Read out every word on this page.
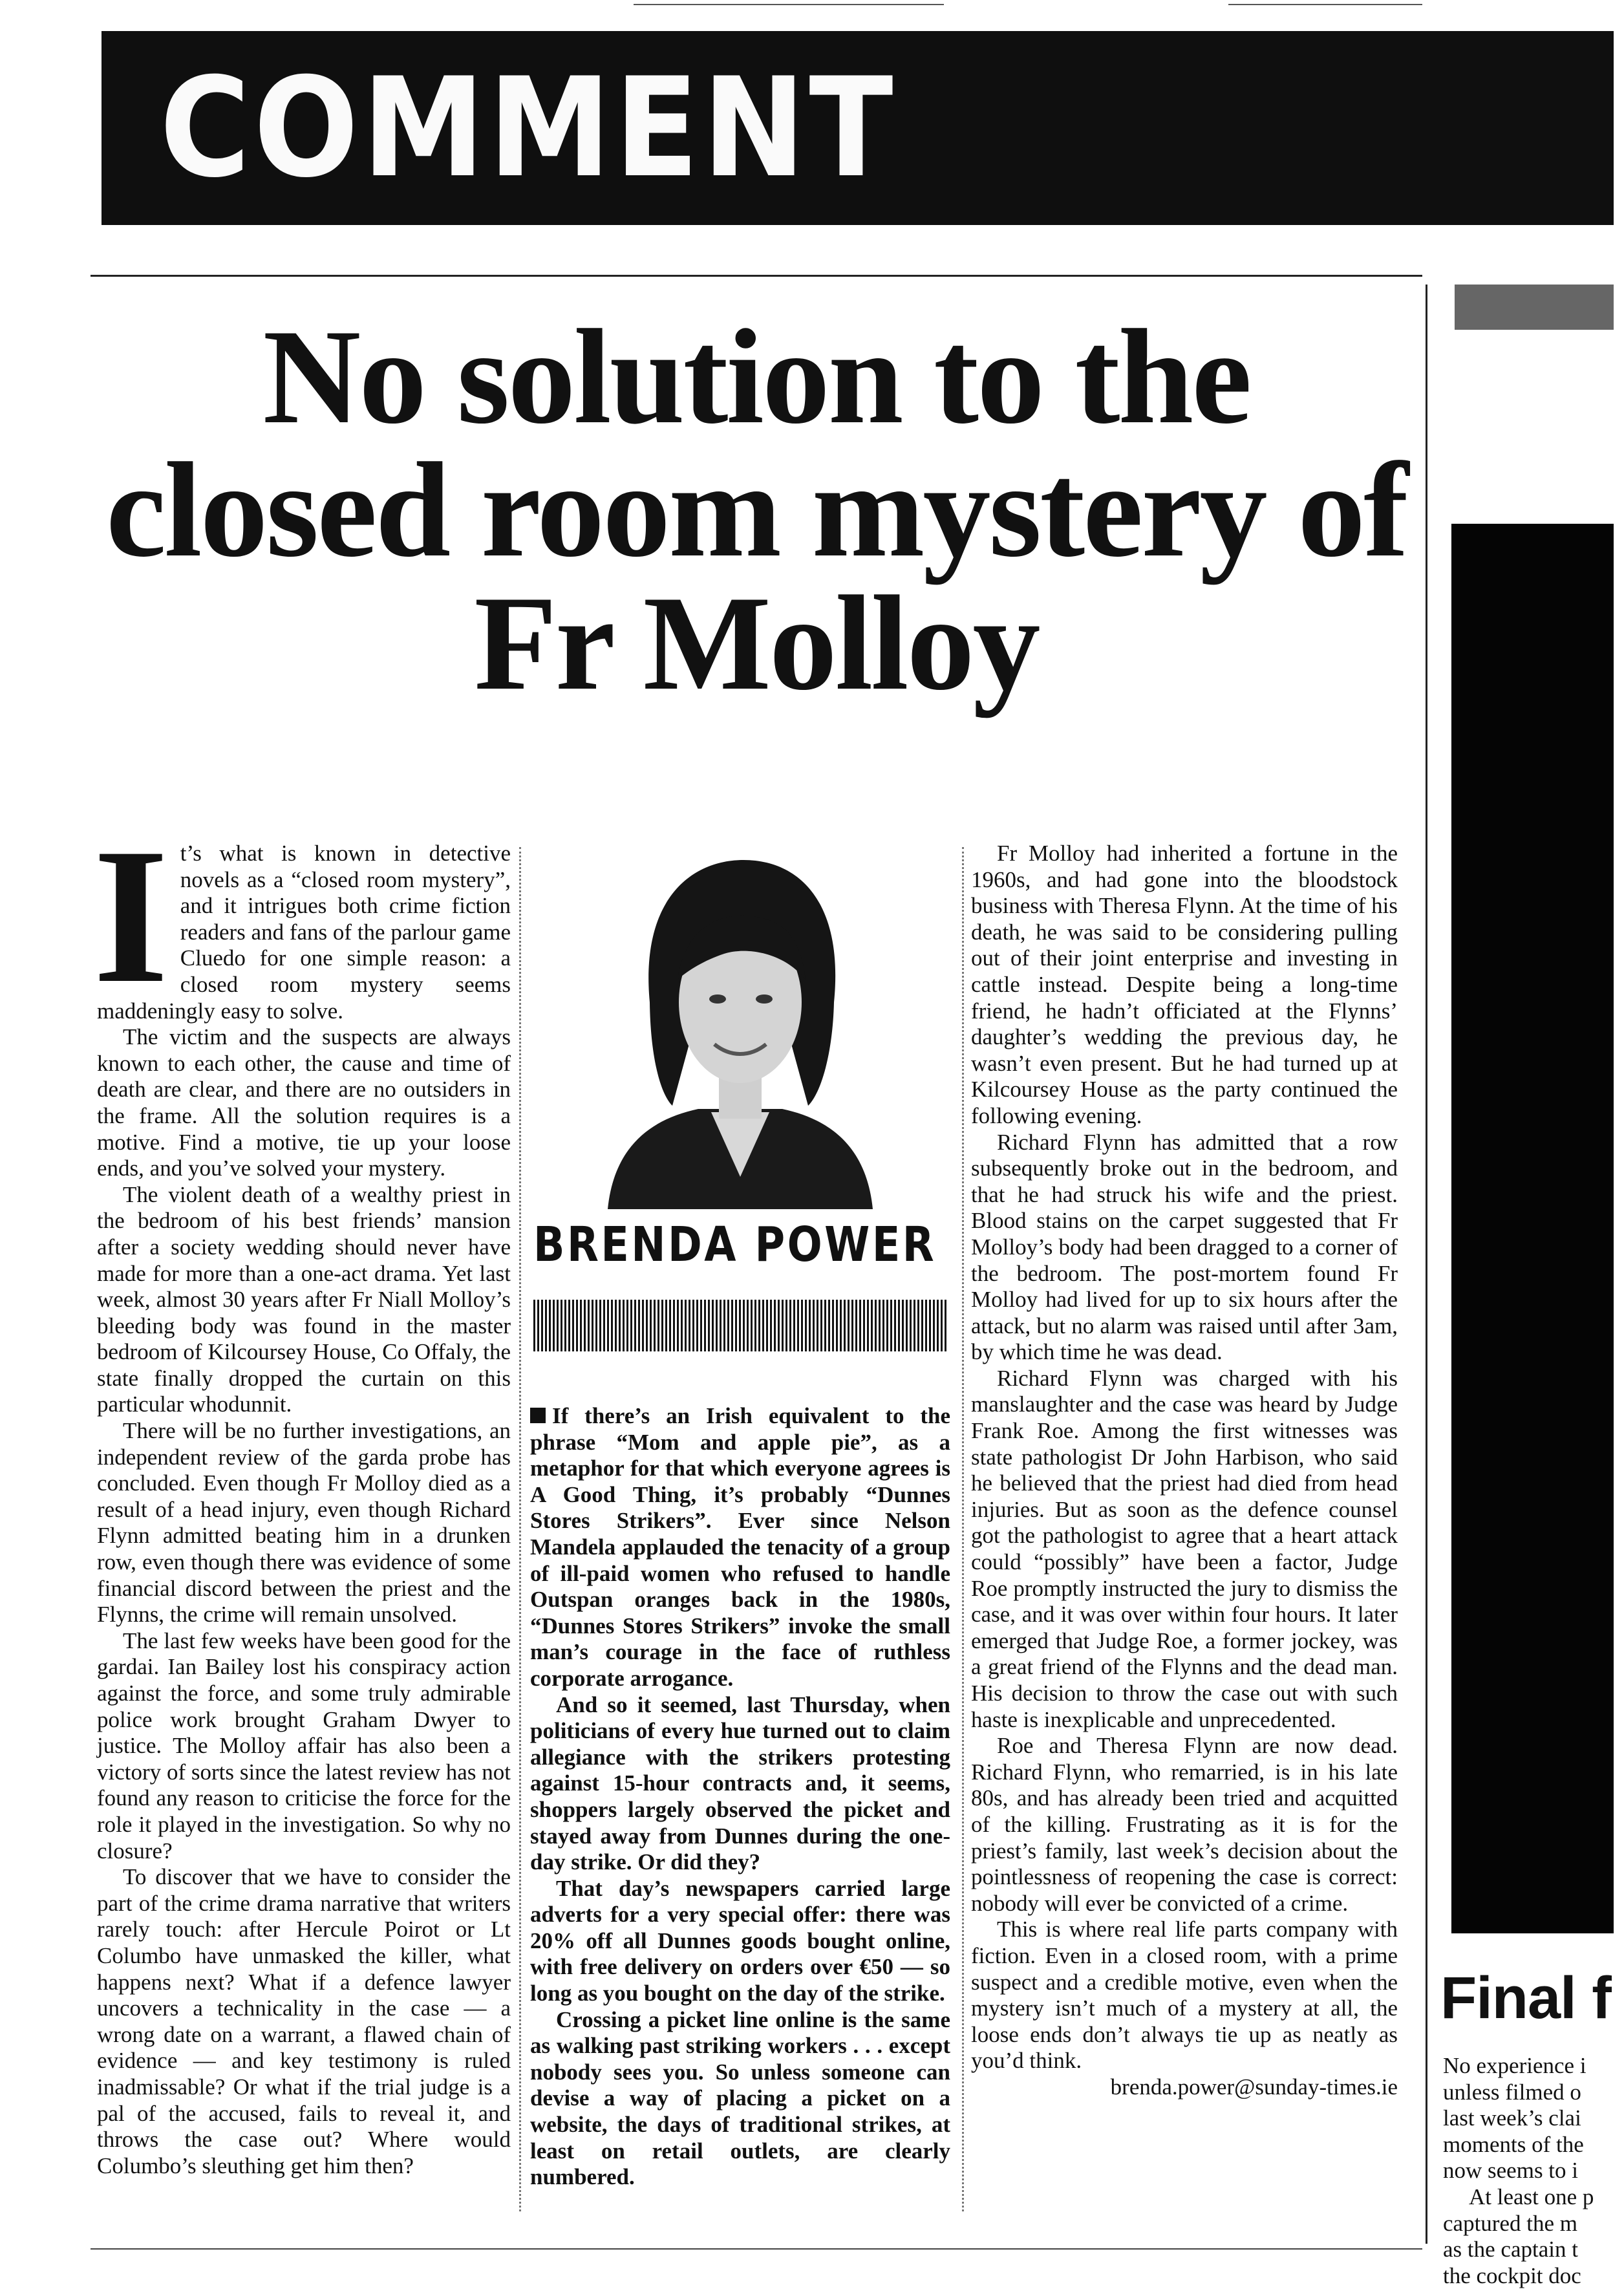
COMMENT
No solution to the closed room mystery of Fr Molloy

It’s what is known in detective novels as a “closed room mystery”, and it intrigues both crime fiction readers and fans of the parlour game Cluedo for one simple reason: a closed room mystery seems maddeningly easy to solve.

The victim and the suspects are always known to each other, the cause and time of death are clear, and there are no outsiders in the frame. All the solution requires is a motive. Find a motive, tie up your loose ends, and you’ve solved your mystery.

The violent death of a wealthy priest in the bedroom of his best friends’ mansion after a society wedding should never have made for more than a one-act drama. Yet last week, almost 30 years after Fr Niall Molloy’s bleeding body was found in the master bedroom of Kilcoursey House, Co Offaly, the state finally dropped the curtain on this particular whodunnit.

There will be no further investigations, an independent review of the garda probe has concluded. Even though Fr Molloy died as a result of a head injury, even though Richard Flynn admitted beating him in a drunken row, even though there was evidence of some financial discord between the priest and the Flynns, the crime will remain unsolved.

The last few weeks have been good for the gardai. Ian Bailey lost his conspiracy action against the force, and some truly admirable police work brought Graham Dwyer to justice. The Molloy affair has also been a victory of sorts since the latest review has not found any reason to criticise the force for the role it played in the investigation. So why no closure?

To discover that we have to consider the part of the crime drama narrative that writers rarely touch: after Hercule Poirot or Lt Columbo have unmasked the killer, what happens next? What if a defence lawyer uncovers a technicality in the case — a wrong date on a warrant, a flawed chain of evidence — and key testimony is ruled inadmissable? Or what if the trial judge is a pal of the accused, fails to reveal it, and throws the case out? Where would Columbo’s sleuthing get him then?

BRENDA POWER

If there’s an Irish equivalent to the phrase “Mom and apple pie”, as a metaphor for that which everyone agrees is A Good Thing, it’s probably “Dunnes Stores Strikers”. Ever since Nelson Mandela applauded the tenacity of a group of ill-paid women who refused to handle Outspan oranges back in the 1980s, “Dunnes Stores Strikers” invoke the small man’s courage in the face of ruthless corporate arrogance.

And so it seemed, last Thursday, when politicians of every hue turned out to claim allegiance with the strikers protesting against 15-hour contracts and, it seems, shoppers largely observed the picket and stayed away from Dunnes during the one-day strike. Or did they?

That day’s newspapers carried large adverts for a very special offer: there was 20% off all Dunnes goods bought online, with free delivery on orders over €50 — so long as you bought on the day of the strike.

Crossing a picket line online is the same as walking past striking workers . . . except nobody sees you. So unless someone can devise a way of placing a picket on a website, the days of traditional strikes, at least on retail outlets, are clearly numbered.

Fr Molloy had inherited a fortune in the 1960s, and had gone into the bloodstock business with Theresa Flynn. At the time of his death, he was said to be considering pulling out of their joint enterprise and investing in cattle instead. Despite being a long-time friend, he hadn’t officiated at the Flynns’ daughter’s wedding the previous day, he wasn’t even present. But he had turned up at Kilcoursey House as the party continued the following evening.

Richard Flynn has admitted that a row subsequently broke out in the bedroom, and that he had struck his wife and the priest. Blood stains on the carpet suggested that Fr Molloy’s body had been dragged to a corner of the bedroom. The post-mortem found Fr Molloy had lived for up to six hours after the attack, but no alarm was raised until after 3am, by which time he was dead.

Richard Flynn was charged with his manslaughter and the case was heard by Judge Frank Roe. Among the first witnesses was state pathologist Dr John Harbison, who said he believed that the priest had died from head injuries. But as soon as the defence counsel got the pathologist to agree that a heart attack could “possibly” have been a factor, Judge Roe promptly instructed the jury to dismiss the case, and it was over within four hours. It later emerged that Judge Roe, a former jockey, was a great friend of the Flynns and the dead man. His decision to throw the case out with such haste is inexplicable and unprecedented.

Roe and Theresa Flynn are now dead. Richard Flynn, who remarried, is in his late 80s, and has already been tried and acquitted of the killing. Frustrating as it is for the priest’s family, last week’s decision about the pointlessness of reopening the case is correct: nobody will ever be convicted of a crime.

This is where real life parts company with fiction. Even in a closed room, with a prime suspect and a credible motive, even when the mystery isn’t much of a mystery at all, the loose ends don’t always tie up as neatly as you’d think.

brenda.power@sunday-times.ie

Final f
No experience i
unless filmed o
last week’s clai
moments of the
now seems to i
At least one p
captured the m
as the captain t
the cockpit doc
